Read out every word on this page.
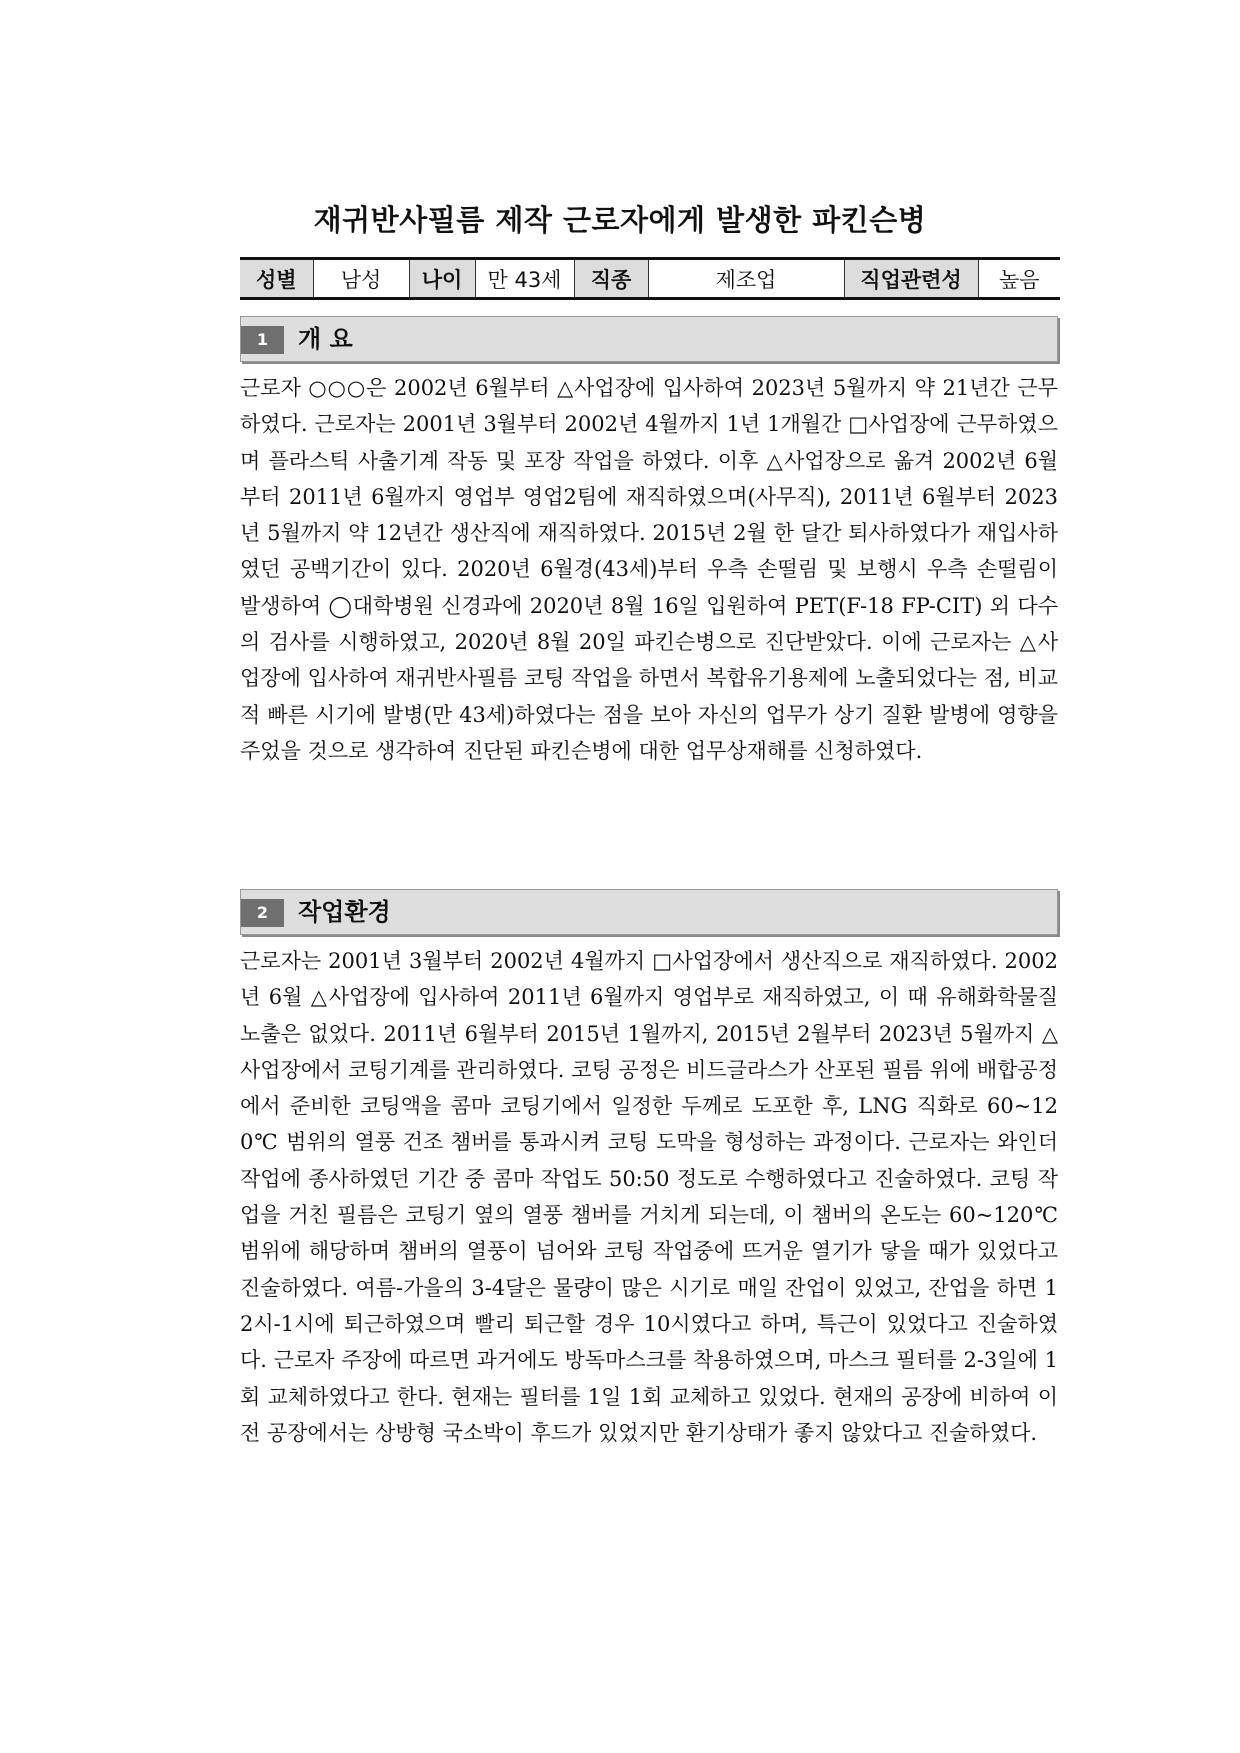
재귀반사필름 제작 근로자에게 발생한 파킨슨병
성별	남성	나이	만 43세	직종	제조업	직업관련성	높음
1	개 요

근로자 ○○○은 2002년 6월부터 △사업장에 입사하여 2023년 5월까지 약 21년간 근무하였다. 근로자는 2001년 3월부터 2002년 4월까지 1년 1개월간 □사업장에 근무하였으며 플라스틱 사출기계 작동 및 포장 작업을 하였다. 이후 △사업장으로 옮겨 2002년 6월부터 2011년 6월까지 영업부 영업2팀에 재직하였으며(사무직), 2011년 6월부터 2023년 5월까지 약 12년간 생산직에 재직하였다. 2015년 2월 한 달간 퇴사하였다가 재입사하였던 공백기간이 있다. 2020년 6월경(43세)부터 우측 손떨림 및 보행시 우측 손떨림이 발생하여 ◯대학병원 신경과에 2020년 8월 16일 입원하여 PET(F-18 FP-CIT) 외 다수의 검사를 시행하였고, 2020년 8월 20일 파킨슨병으로 진단받았다. 이에 근로자는 △사업장에 입사하여 재귀반사필름 코팅 작업을 하면서 복합유기용제에 노출되었다는 점, 비교적 빠른 시기에 발병(만 43세)하였다는 점을 보아 자신의 업무가 상기 질환 발병에 영향을 주었을 것으로 생각하여 진단된 파킨슨병에 대한 업무상재해를 신청하였다.

2	작업환경

근로자는 2001년 3월부터 2002년 4월까지 □사업장에서 생산직으로 재직하였다. 2002년 6월 △사업장에 입사하여 2011년 6월까지 영업부로 재직하였고, 이 때 유해화학물질 노출은 없었다. 2011년 6월부터 2015년 1월까지, 2015년 2월부터 2023년 5월까지 △사업장에서 코팅기계를 관리하였다. 코팅 공정은 비드글라스가 산포된 필름 위에 배합공정에서 준비한 코팅액을 콤마 코팅기에서 일정한 두께로 도포한 후, LNG 직화로 60~120℃ 범위의 열풍 건조 챔버를 통과시켜 코팅 도막을 형성하는 과정이다. 근로자는 와인더 작업에 종사하였던 기간 중 콤마 작업도 50:50 정도로 수행하였다고 진술하였다. 코팅 작업을 거친 필름은 코팅기 옆의 열풍 챔버를 거치게 되는데, 이 챔버의 온도는 60~120℃ 범위에 해당하며 챔버의 열풍이 넘어와 코팅 작업중에 뜨거운 열기가 닿을 때가 있었다고 진술하였다. 여름-가을의 3-4달은 물량이 많은 시기로 매일 잔업이 있었고, 잔업을 하면 12시-1시에 퇴근하였으며 빨리 퇴근할 경우 10시였다고 하며, 특근이 있었다고 진술하였다. 근로자 주장에 따르면 과거에도 방독마스크를 착용하였으며, 마스크 필터를 2-3일에 1회 교체하였다고 한다. 현재는 필터를 1일 1회 교체하고 있었다. 현재의 공장에 비하여 이전 공장에서는 상방형 국소박이 후드가 있었지만 환기상태가 좋지 않았다고 진술하였다.
